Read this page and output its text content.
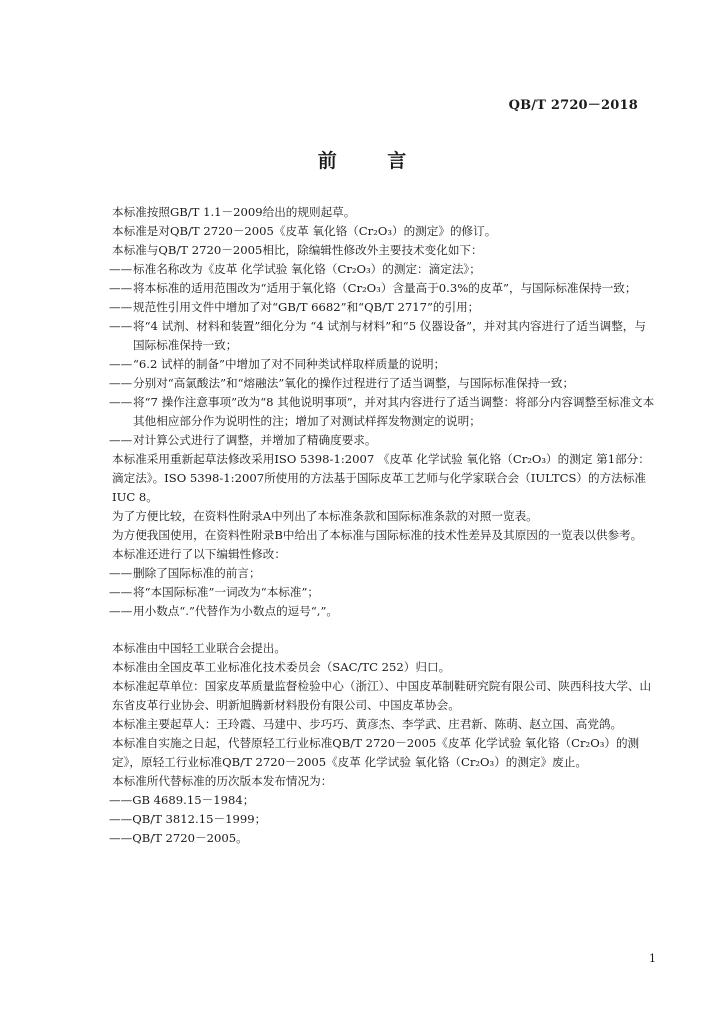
QB/T 2720－2018
前 言
本标准按照GB/T 1.1－2009给出的规则起草。
本标准是对QB/T 2720－2005《皮革 氧化铬（Cr₂O₃）的测定》的修订。
本标准与QB/T 2720－2005相比，除编辑性修改外主要技术变化如下：
—— 标准名称改为《皮革 化学试验 氧化铬（Cr₂O₃）的测定：滴定法》；
—— 将本标准的适用范围改为“适用于氧化铬（Cr₂O₃）含量高于0.3%的皮革”，与国际标准保持一致；
—— 规范性引用文件中增加了对“GB/T 6682”和“QB/T 2717”的引用；
—— 将“4 试剂、材料和装置”细化分为 “4 试剂与材料”和“5 仪器设备”，并对其内容进行了适当调整，与国际标准保持一致；
—— “6.2 试样的制备”中增加了对不同种类试样取样质量的说明；
—— 分别对“高氯酸法”和“熔融法”氧化的操作过程进行了适当调整，与国际标准保持一致；
—— 将“7 操作注意事项”改为“8 其他说明事项”，并对其内容进行了适当调整：将部分内容调整至标准文本其他相应部分作为说明性的注；增加了对测试样挥发物测定的说明；
—— 对计算公式进行了调整，并增加了精确度要求。
本标准采用重新起草法修改采用ISO 5398-1:2007 《皮革 化学试验 氧化铬（Cr₂O₃）的测定 第1部分：滴定法》。ISO 5398-1:2007所使用的方法基于国际皮革工艺师与化学家联合会（IULTCS）的方法标准IUC 8。
为了方便比较，在资料性附录A中列出了本标准条款和国际标准条款的对照一览表。
为方便我国使用，在资料性附录B中给出了本标准与国际标准的技术性差异及其原因的一览表以供参考。
本标准还进行了以下编辑性修改：
—— 删除了国际标准的前言；
—— 将“本国际标准”一词改为“本标准”；
—— 用小数点“.”代替作为小数点的逗号“,”。
本标准由中国轻工业联合会提出。
本标准由全国皮革工业标准化技术委员会（SAC/TC 252）归口。
本标准起草单位：国家皮革质量监督检验中心（浙江）、中国皮革制鞋研究院有限公司、陕西科技大学、山东省皮革行业协会、明新旭腾新材料股份有限公司、中国皮革协会。
本标准主要起草人：王玲霞、马建中、步巧巧、黄彦杰、李学武、庄君新、陈萌、赵立国、高党鸽。
本标准自实施之日起，代替原轻工行业标准QB/T 2720－2005《皮革 化学试验 氧化铬（Cr₂O₃）的测定》，原轻工行业标准QB/T 2720－2005《皮革 化学试验 氧化铬（Cr₂O₃）的测定》废止。
本标准所代替标准的历次版本发布情况为：
——GB 4689.15－1984；
——QB/T 3812.15－1999；
——QB/T 2720－2005。
1
